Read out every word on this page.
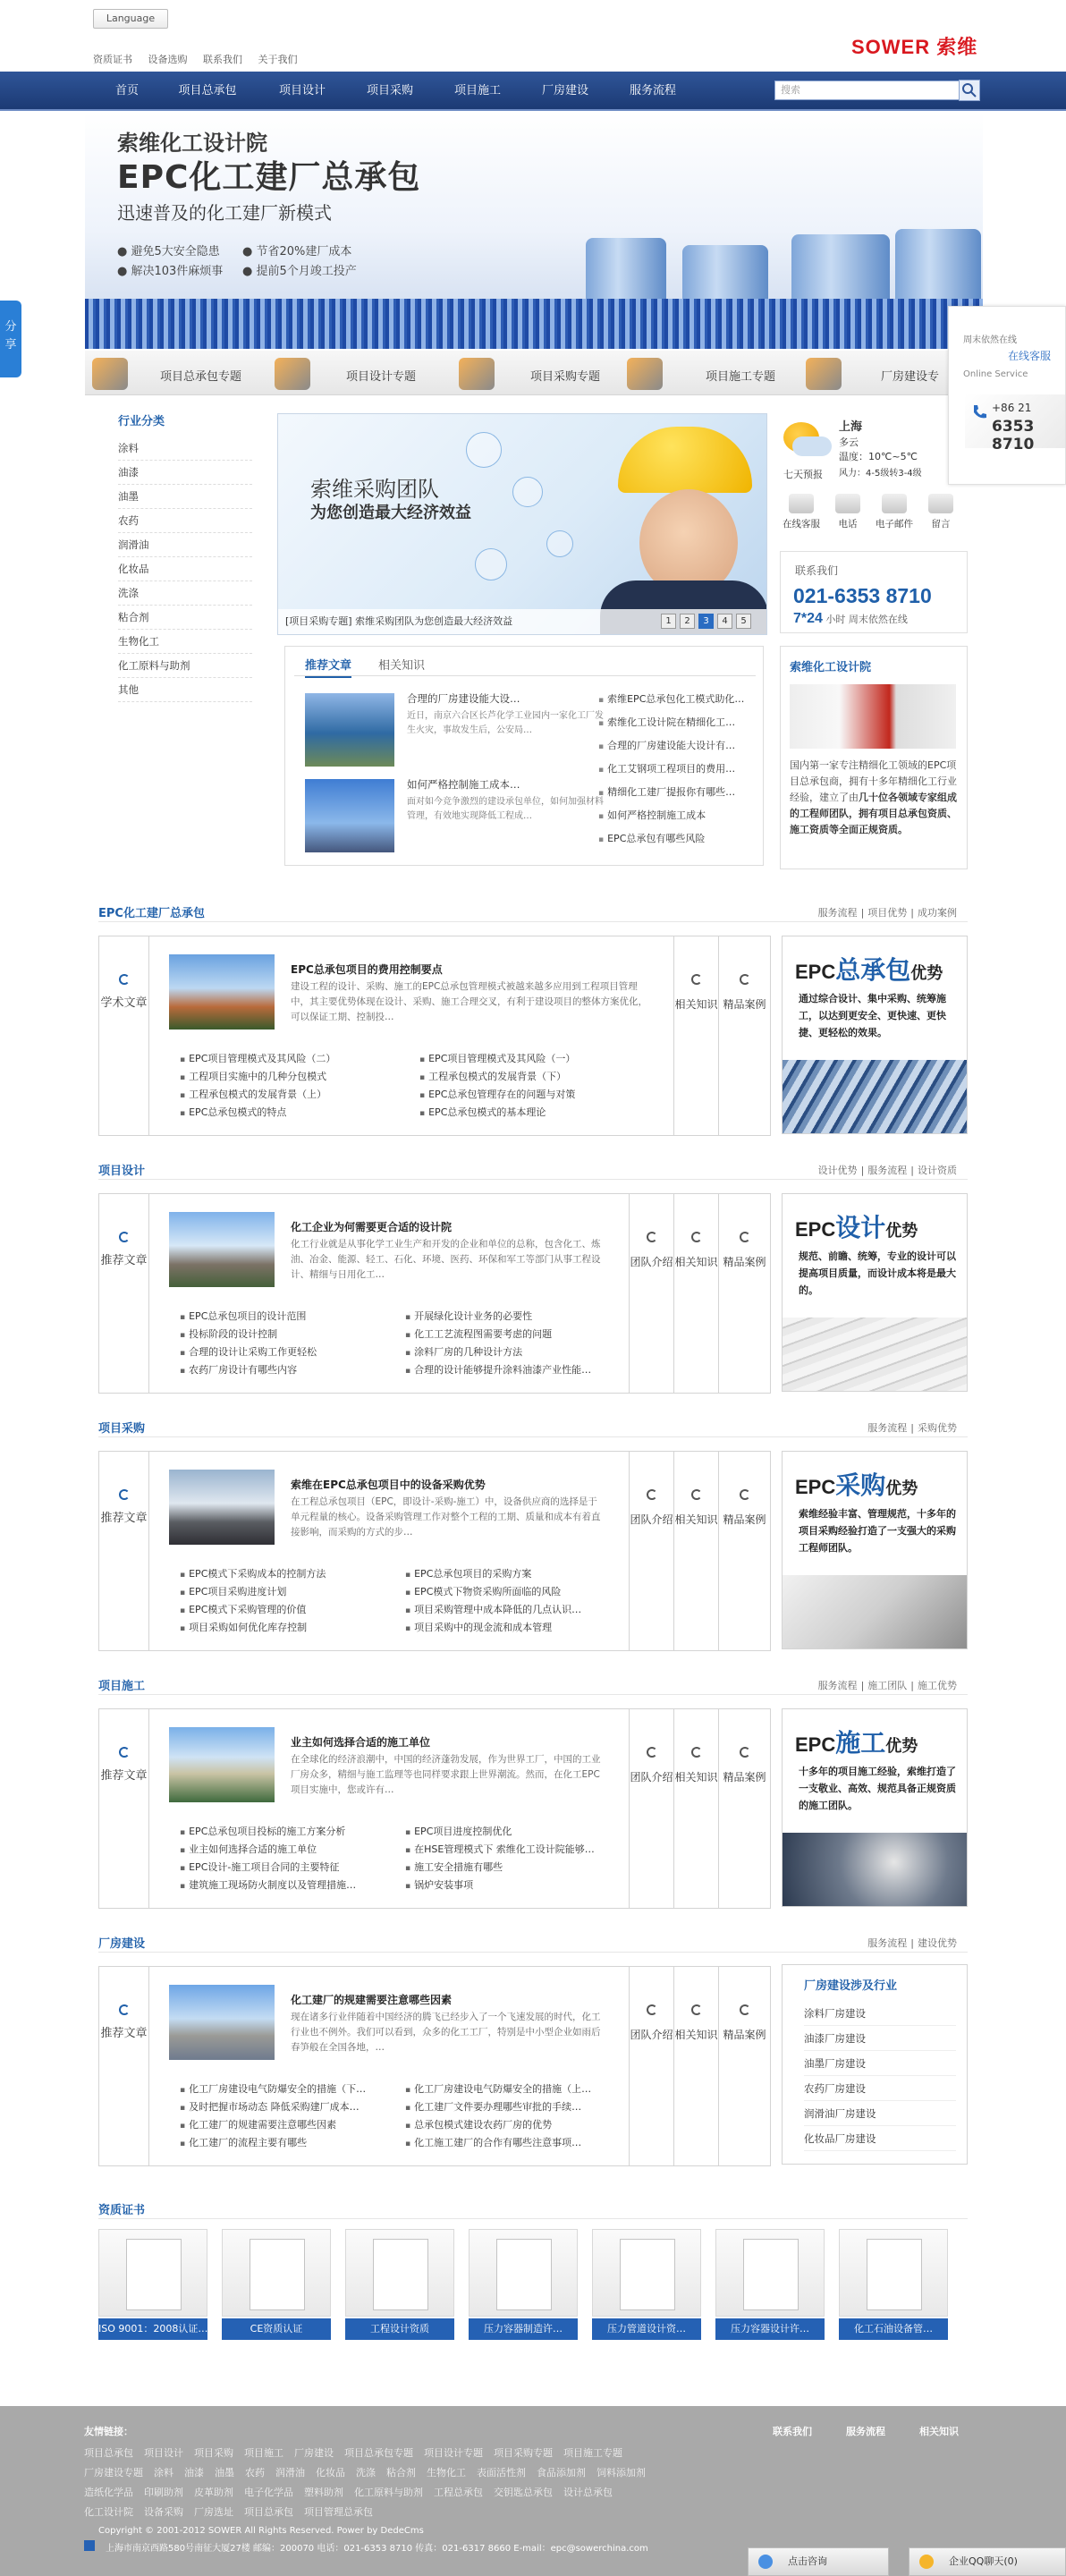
Language
资质证书 设备选购 联系我们 关于我们
SOWER 索维
首页	项目总承包	项目设计	项目采购	项目施工	厂房建设	服务流程	搜索
索维化工设计院
EPC化工建厂总承包
迅速普及的化工建厂新模式
● 避免5大安全隐患 ● 节省20%建厂成本
● 解决103件麻烦事 ● 提前5个月竣工投产
分享
项目总承包专题	项目设计专题	项目采购专题	项目施工专题	厂房建设专
周末依然在线
在线客服
Online Service
+86 21
6353 8710
行业分类
涂料
油漆
油墨
农药
润滑油
化妆品
洗涤
粘合剂
生物化工
化工原料与助剂
其他
索维采购团队
为您创造最大经济效益
[项目采购专题] 索维采购团队为您创造最大经济效益	1	2	3	4	5
上海
多云
温度：10℃~5℃
风力：4-5级转3-4级
七天预报
在线客服	电话	电子邮件	留言
联系我们
021-6353 8710
7*24 小时 周末依然在线
推荐文章 相关知识
合理的厂房建设能大设…
近日，南京六合区长芦化学工业园内一家化工厂发生火灾，事故发生后，公安局…
如何严格控制施工成本…
面对如今竞争激烈的建设承包单位，如何加强材料管理，有效地实现降低工程成…
▪ 索维EPC总承包化工模式助化…
▪ 索维化工设计院在精细化工…
▪ 合理的厂房建设能大设计有…
▪ 化工艾钢项工程项目的费用…
▪ 精细化工建厂提报你有哪些…
▪ 如何严格控制施工成本
▪ EPC总承包有哪些风险
索维化工设计院
国内第一家专注精细化工领域的EPC项目总承包商，拥有十多年精细化工行业经验，建立了由几十位各领域专家组成的工程师团队，拥有项目总承包资质、施工资质等全面正规资质。
EPC化工建厂总承包	服务流程 | 项目优势 | 成功案例
学术文章
EPC总承包项目的费用控制要点
建设工程的设计、采购、施工的EPC总承包管理模式被越来越多应用到工程项目管理中，其主要优势体现在设计、采购、施工合理交叉，有利于建设项目的整体方案优化，可以保证工期、控制投…
▪ EPC项目管理模式及其风险（二）	▪ EPC项目管理模式及其风险（一）
▪ 工程项目实施中的几种分包模式	▪ 工程承包模式的发展背景（下）
▪ 工程承包模式的发展背景（上）	▪ EPC总承包管理存在的问题与对策
▪ EPC总承包模式的特点	▪ EPC总承包模式的基本理论
相关知识 精品案例
EPC总承包优势
通过综合设计、集中采购、统筹施工，以达到更安全、更快速、更快捷、更轻松的效果。
项目设计	设计优势 | 服务流程 | 设计资质
推荐文章
化工企业为何需要更合适的设计院
化工行业就是从事化学工业生产和开发的企业和单位的总称，包含化工、炼油、冶金、能源、轻工、石化、环境、医药、环保和军工等部门从事工程设计、精细与日用化工…
▪ EPC总承包项目的设计范围	▪ 开展绿化设计业务的必要性
▪ 投标阶段的设计控制	▪ 化工工艺流程图需要考虑的问题
▪ 合理的设计让采购工作更轻松	▪ 涂料厂房的几种设计方法
▪ 农药厂房设计有哪些内容	▪ 合理的设计能够提升涂料油漆产业性能…
团队介绍 相关知识 精品案例
EPC设计优势
规范、前瞻、统筹，专业的设计可以提高项目质量，而设计成本将是最大的。
项目采购	服务流程 | 采购优势
推荐文章
索维在EPC总承包项目中的设备采购优势
在工程总承包项目（EPC，即设计-采购-施工）中，设备供应商的选择是于单元程量的核心。设备采购管理工作对整个工程的工期、质量和成本有着直接影响，而采购的方式的步…
▪ EPC模式下采购成本的控制方法	▪ EPC总承包项目的采购方案
▪ EPC项目采购进度计划	▪ EPC模式下物资采购所面临的风险
▪ EPC模式下采购管理的价值	▪ 项目采购管理中成本降低的几点认识…
▪ 项目采购如何优化库存控制	▪ 项目采购中的现金流和成本管理
团队介绍 相关知识 精品案例
EPC采购优势
索维经验丰富、管理规范，十多年的项目采购经验打造了一支强大的采购工程师团队。
项目施工	服务流程 | 施工团队 | 施工优势
推荐文章
业主如何选择合适的施工单位
在全球化的经济浪潮中，中国的经济蓬勃发展，作为世界工厂，中国的工业厂房众多，精细与施工监理等也同样要求跟上世界潮流。然而，在化工EPC项目实施中，您或许有…
▪ EPC总承包项目投标的施工方案分析	▪ EPC项目进度控制优化
▪ 业主如何选择合适的施工单位	▪ 在HSE管理模式下 索维化工设计院能够…
▪ EPC设计-施工项目合同的主要特征	▪ 施工安全措施有哪些
▪ 建筑施工现场防火制度以及管理措施…	▪ 锅炉安装事项
团队介绍 相关知识 精品案例
EPC施工优势
十多年的项目施工经验，索维打造了一支敬业、高效、规范具备正规资质的施工团队。
厂房建设	服务流程 | 建设优势
推荐文章
化工建厂的规建需要注意哪些因素
现在诸多行业伴随着中国经济的腾飞已经步入了一个飞速发展的时代，化工行业也不例外。我们可以看到，众多的化工工厂，特别是中小型企业如雨后春笋般在全国各地，…
▪ 化工厂房建设电气防爆安全的措施（下…	▪ 化工厂房建设电气防爆安全的措施（上…
▪ 及时把握市场动态 降低采购建厂成本…	▪ 化工建厂文件要办理哪些审批的手续…
▪ 化工建厂的规建需要注意哪些因素	▪ 总承包模式建设农药厂房的优势
▪ 化工建厂的流程主要有哪些	▪ 化工施工建厂的合作有哪些注意事项…
团队介绍 相关知识 精品案例
厂房建设涉及行业
涂料厂房建设
油漆厂房建设
油墨厂房建设
农药厂房建设
润滑油厂房建设
化妆品厂房建设
资质证书
ISO 9001：2008认证…	CE资质认证	工程设计资质	压力容器制造许…	压力管道设计资…	压力容器设计许…	化工石油设备管…
友情链接：	联系我们	服务流程	相关知识
项目总承包 项目设计 项目采购 项目施工 厂房建设 项目总承包专题 项目设计专题 项目采购专题 项目施工专题
厂房建设专题 涂料 油漆 油墨 农药 润滑油 化妆品 洗涤 粘合剂 生物化工 表面活性剂 食品添加剂 饲料添加剂
造纸化学品 印刷助剂 皮革助剂 电子化学品 塑料助剂 化工原料与助剂 工程总承包 交钥匙总承包 设计总承包
化工设计院 设备采购 厂房选址 项目总承包 项目管理总承包
Copyright © 2001-2012 SOWER All Rights Reserved. Power by DedeCms
上海市南京西路580号南征大厦27楼 邮编：200070 电话：021-6353 8710 传真：021-6317 8660 E-mail：epc@sowerchina.com
点击咨询	企业QQ聊天(0)
